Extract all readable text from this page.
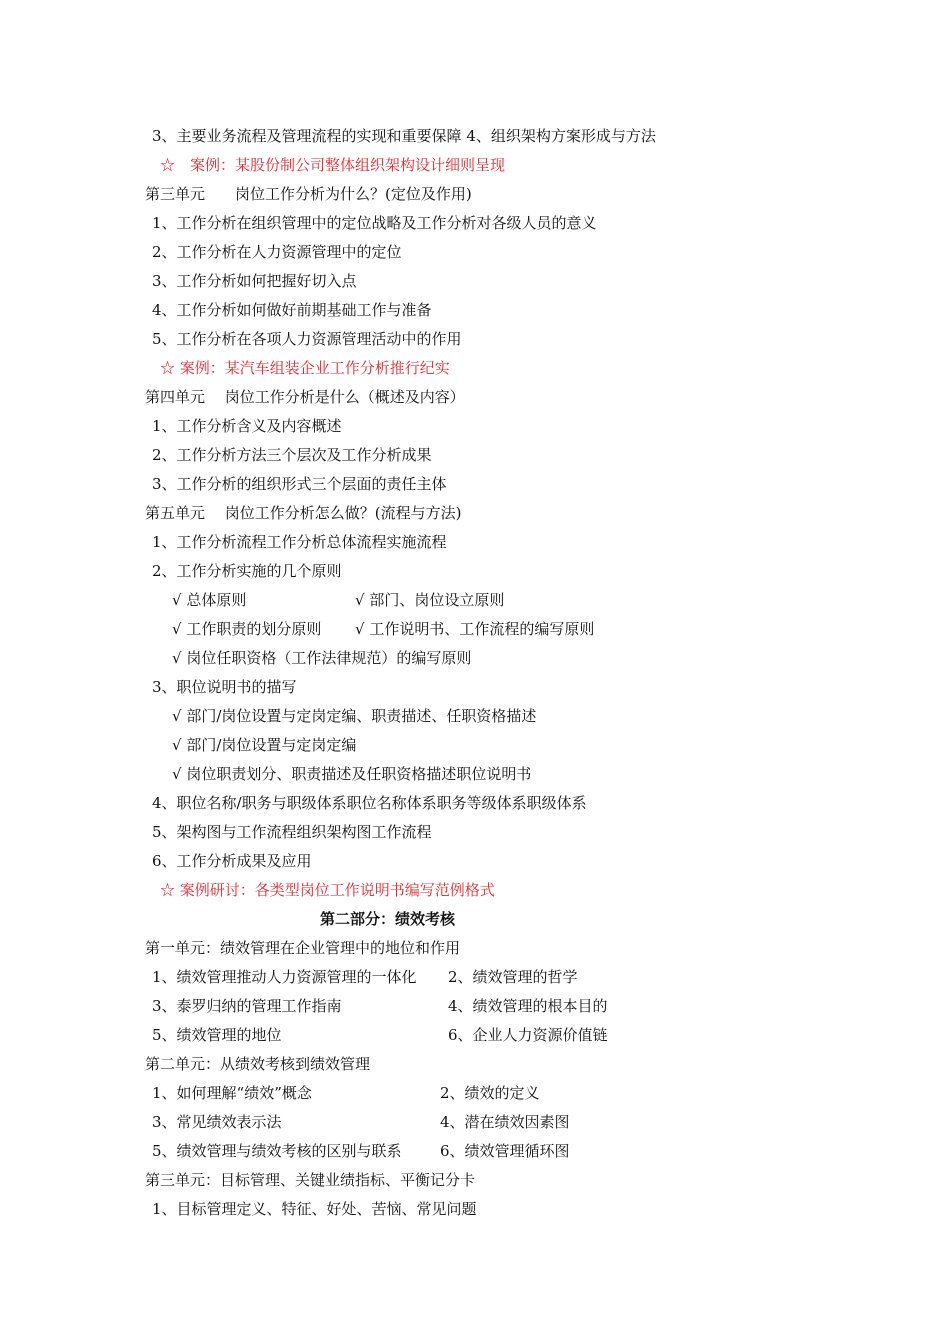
3、主要业务流程及管理流程的实现和重要保障 4、组织架构方案形成与方法
☆　案例：某股份制公司整体组织架构设计细则呈现
第三单元　　岗位工作分析为什么？(定位及作用)
1、工作分析在组织管理中的定位战略及工作分析对各级人员的意义
2、工作分析在人力资源管理中的定位
3、工作分析如何把握好切入点
4、工作分析如何做好前期基础工作与准备
5、工作分析在各项人力资源管理活动中的作用
☆ 案例：某汽车组装企业工作分析推行纪实
第四单元　 岗位工作分析是什么（概述及内容）
1、工作分析含义及内容概述
2、工作分析方法三个层次及工作分析成果
3、工作分析的组织形式三个层面的责任主体
第五单元　 岗位工作分析怎么做？(流程与方法)
1、工作分析流程工作分析总体流程实施流程
2、工作分析实施的几个原则
√ 总体原则	√ 部门、岗位设立原则
√ 工作职责的划分原则 √ 工作说明书、工作流程的编写原则
√ 岗位任职资格（工作法律规范）的编写原则
3、职位说明书的描写
√ 部门/岗位设置与定岗定编、职责描述、任职资格描述
√ 部门/岗位设置与定岗定编
√ 岗位职责划分、职责描述及任职资格描述职位说明书
4、职位名称/职务与职级体系职位名称体系职务等级体系职级体系
5、架构图与工作流程组织架构图工作流程
6、工作分析成果及应用
☆ 案例研讨：各类型岗位工作说明书编写范例格式
第二部分：绩效考核
第一单元：绩效管理在企业管理中的地位和作用
1、绩效管理推动人力资源管理的一体化 2、绩效管理的哲学
3、泰罗归纳的管理工作指南	4、绩效管理的根本目的
5、绩效管理的地位	6、企业人力资源价值链
第二单元：从绩效考核到绩效管理
1、如何理解“绩效”概念	2、绩效的定义
3、常见绩效表示法	4、潜在绩效因素图
5、绩效管理与绩效考核的区别与联系	6、绩效管理循环图
第三单元：目标管理、关键业绩指标、平衡记分卡
1、目标管理定义、特征、好处、苦恼、常见问题
